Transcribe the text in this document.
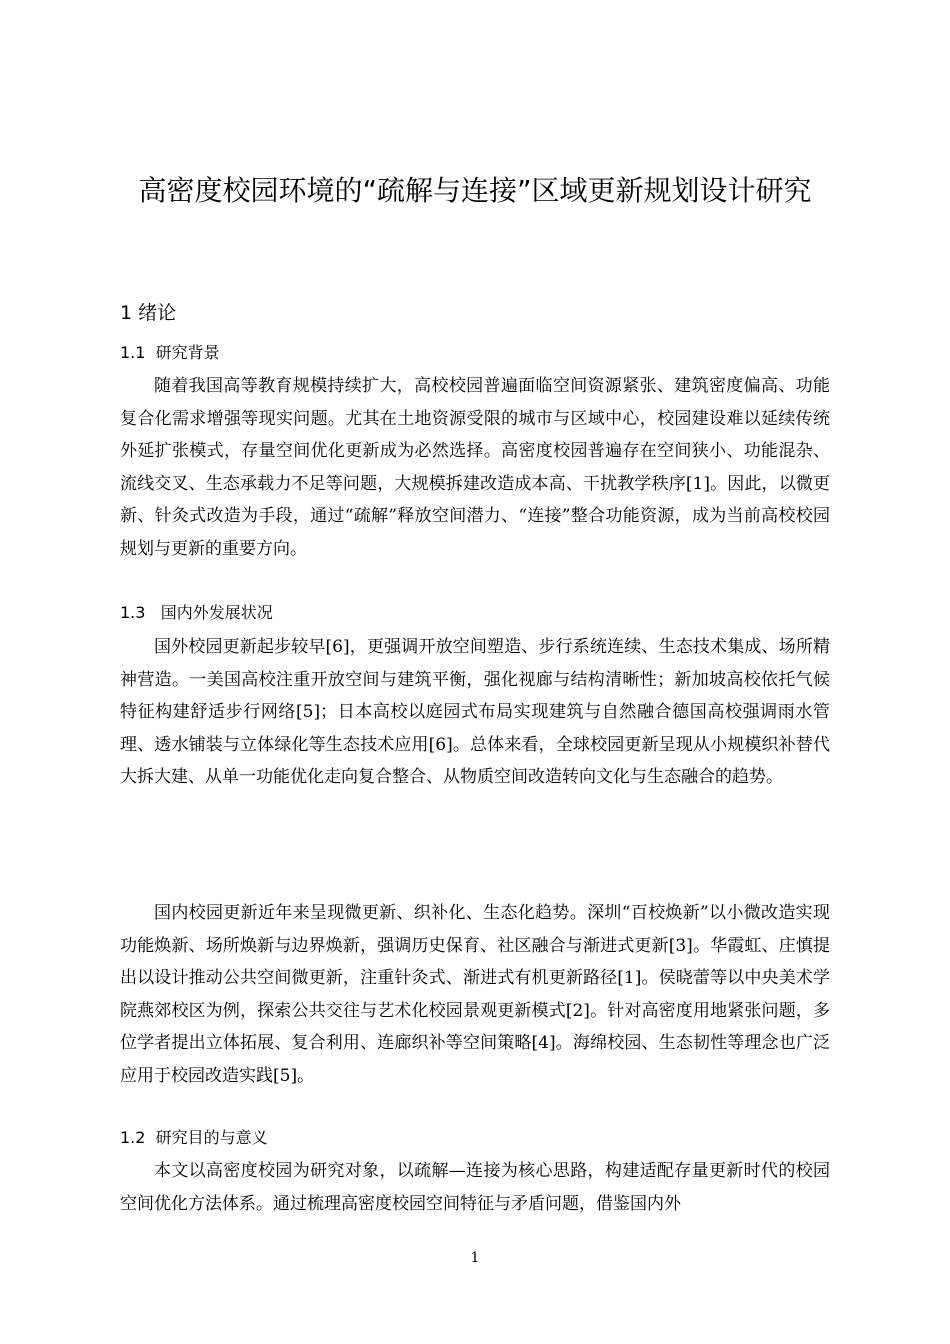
高密度校园环境的“疏解与连接”区域更新规划设计研究
1 绪论
1.1  研究背景

随着我国高等教育规模持续扩大，高校校园普遍面临空间资源紧张、建筑密度偏高、功能复合化需求增强等现实问题。尤其在土地资源受限的城市与区域中心，校园建设难以延续传统外延扩张模式，存量空间优化更新成为必然选择。高密度校园普遍存在空间狭小、功能混杂、流线交叉、生态承载力不足等问题，大规模拆建改造成本高、干扰教学秩序[1]。因此，以微更新、针灸式改造为手段，通过“疏解”释放空间潜力、“连接”整合功能资源，成为当前高校校园规划与更新的重要方向。

1.3   国内外发展状况

国外校园更新起步较早[6]，更强调开放空间塑造、步行系统连续、生态技术集成、场所精神营造。一美国高校注重开放空间与建筑平衡，强化视廊与结构清晰性；新加坡高校依托气候特征构建舒适步行网络[5]；日本高校以庭园式布局实现建筑与自然融合德国高校强调雨水管理、透水铺装与立体绿化等生态技术应用[6]。总体来看，全球校园更新呈现从小规模织补替代大拆大建、从单一功能优化走向复合整合、从物质空间改造转向文化与生态融合的趋势。

国内校园更新近年来呈现微更新、织补化、生态化趋势。深圳“百校焕新”以小微改造实现功能焕新、场所焕新与边界焕新，强调历史保育、社区融合与渐进式更新[3]。华霞虹、庄慎提出以设计推动公共空间微更新，注重针灸式、渐进式有机更新路径[1]。侯晓蕾等以中央美术学院燕郊校区为例，探索公共交往与艺术化校园景观更新模式[2]。针对高密度用地紧张问题，多位学者提出立体拓展、复合利用、连廊织补等空间策略[4]。海绵校园、生态韧性等理念也广泛应用于校园改造实践[5]。

1.2  研究目的与意义

本文以高密度校园为研究对象，以疏解—连接为核心思路，构建适配存量更新时代的校园空间优化方法体系。通过梳理高密度校园空间特征与矛盾问题，借鉴国内外

1
